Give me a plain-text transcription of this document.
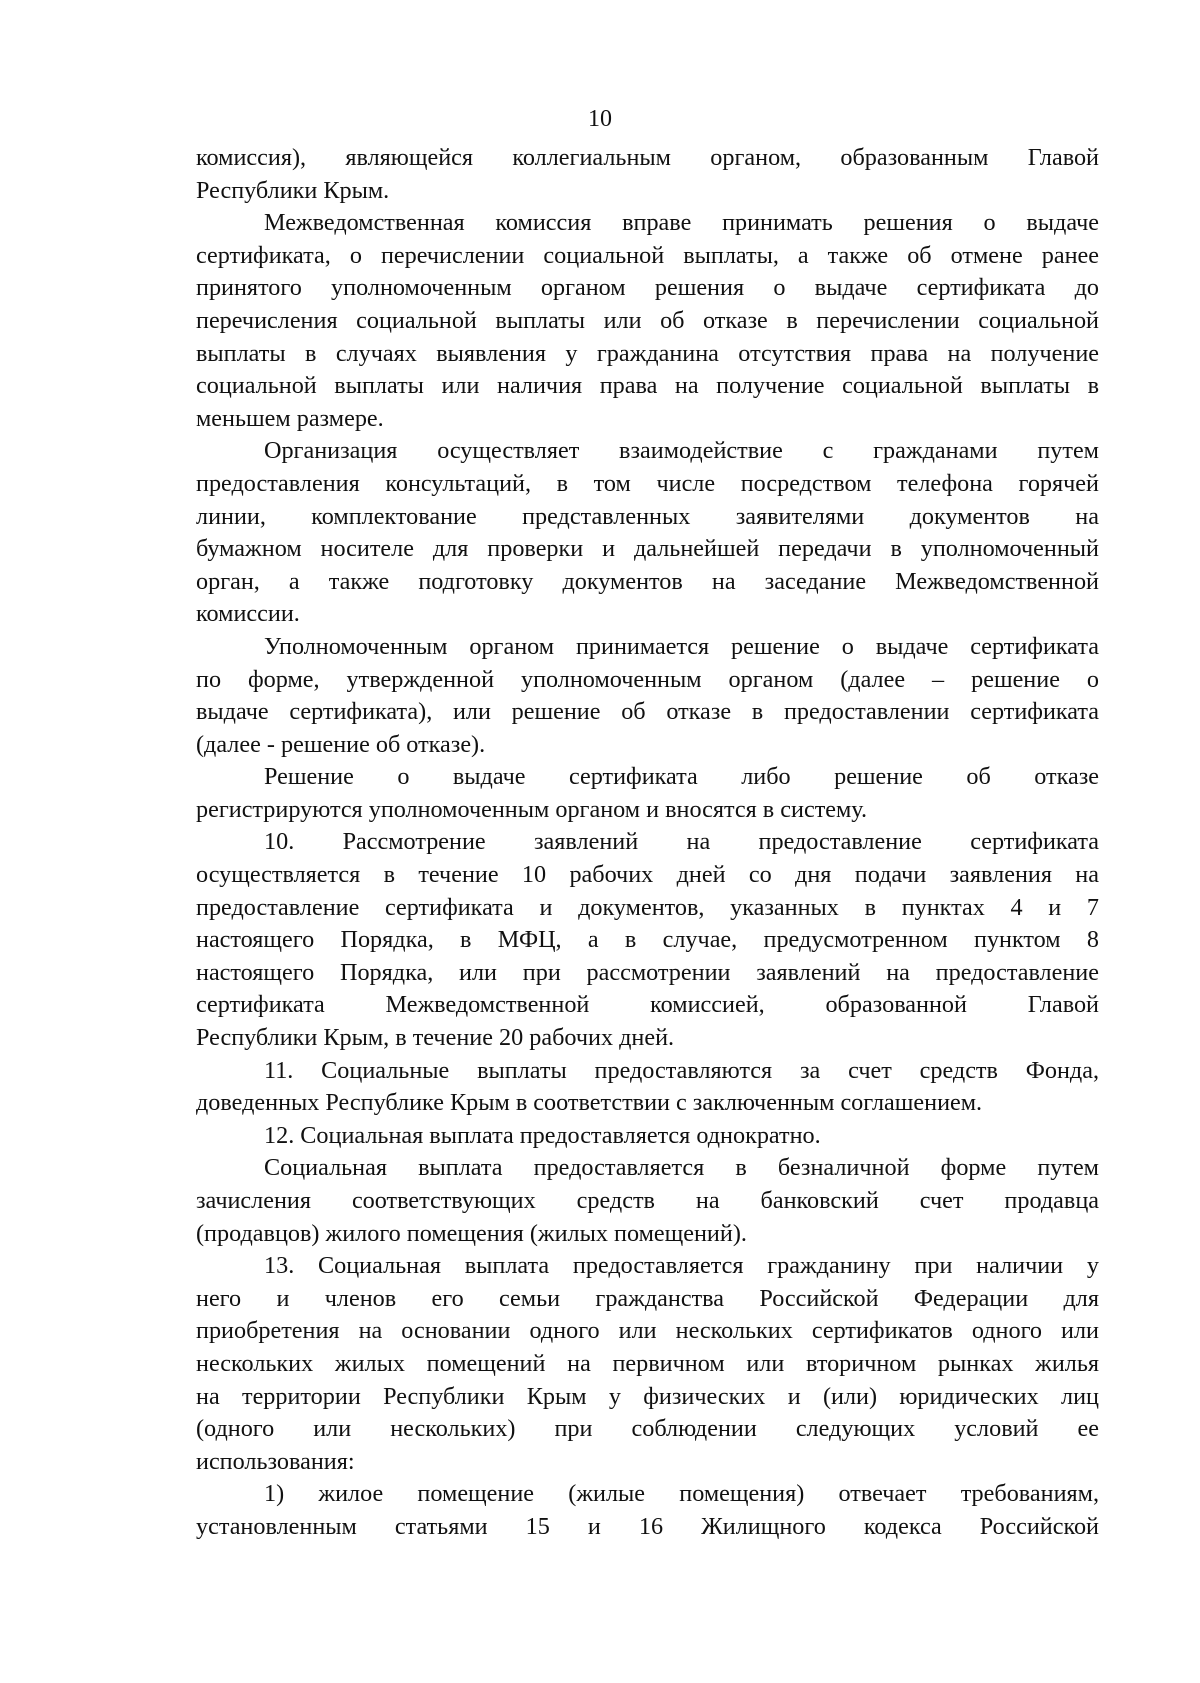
10
комиссия), являющейся коллегиальным органом, образованным Главой
Республики Крым.
Межведомственная комиссия вправе принимать решения о выдаче
сертификата, о перечислении социальной выплаты, а также об отмене ранее
принятого уполномоченным органом решения о выдаче сертификата до
перечисления социальной выплаты или об отказе в перечислении социальной
выплаты в случаях выявления у гражданина отсутствия права на получение
социальной выплаты или наличия права на получение социальной выплаты в
меньшем размере.
Организация осуществляет взаимодействие с гражданами путем
предоставления консультаций, в том числе посредством телефона горячей
линии, комплектование представленных заявителями документов на
бумажном носителе для проверки и дальнейшей передачи в уполномоченный
орган, а также подготовку документов на заседание Межведомственной
комиссии.
Уполномоченным органом принимается решение о выдаче сертификата
по форме, утвержденной уполномоченным органом (далее – решение о
выдаче сертификата), или решение об отказе в предоставлении сертификата
(далее - решение об отказе).
Решение о выдаче сертификата либо решение об отказе
регистрируются уполномоченным органом и вносятся в систему.
10. Рассмотрение заявлений на предоставление сертификата
осуществляется в течение 10 рабочих дней со дня подачи заявления на
предоставление сертификата и документов, указанных в пунктах 4 и 7
настоящего Порядка, в МФЦ, а в случае, предусмотренном пунктом 8
настоящего Порядка, или при рассмотрении заявлений на предоставление
сертификата Межведомственной комиссией, образованной Главой
Республики Крым, в течение 20 рабочих дней.
11. Социальные выплаты предоставляются за счет средств Фонда,
доведенных Республике Крым в соответствии с заключенным соглашением.
12. Социальная выплата предоставляется однократно.
Социальная выплата предоставляется в безналичной форме путем
зачисления соответствующих средств на банковский счет продавца
(продавцов) жилого помещения (жилых помещений).
13. Социальная выплата предоставляется гражданину при наличии у
него и членов его семьи гражданства Российской Федерации для
приобретения на основании одного или нескольких сертификатов одного или
нескольких жилых помещений на первичном или вторичном рынках жилья
на территории Республики Крым у физических и (или) юридических лиц
(одного или нескольких) при соблюдении следующих условий ее
использования:
1) жилое помещение (жилые помещения) отвечает требованиям,
установленным статьями 15 и 16 Жилищного кодекса Российской
